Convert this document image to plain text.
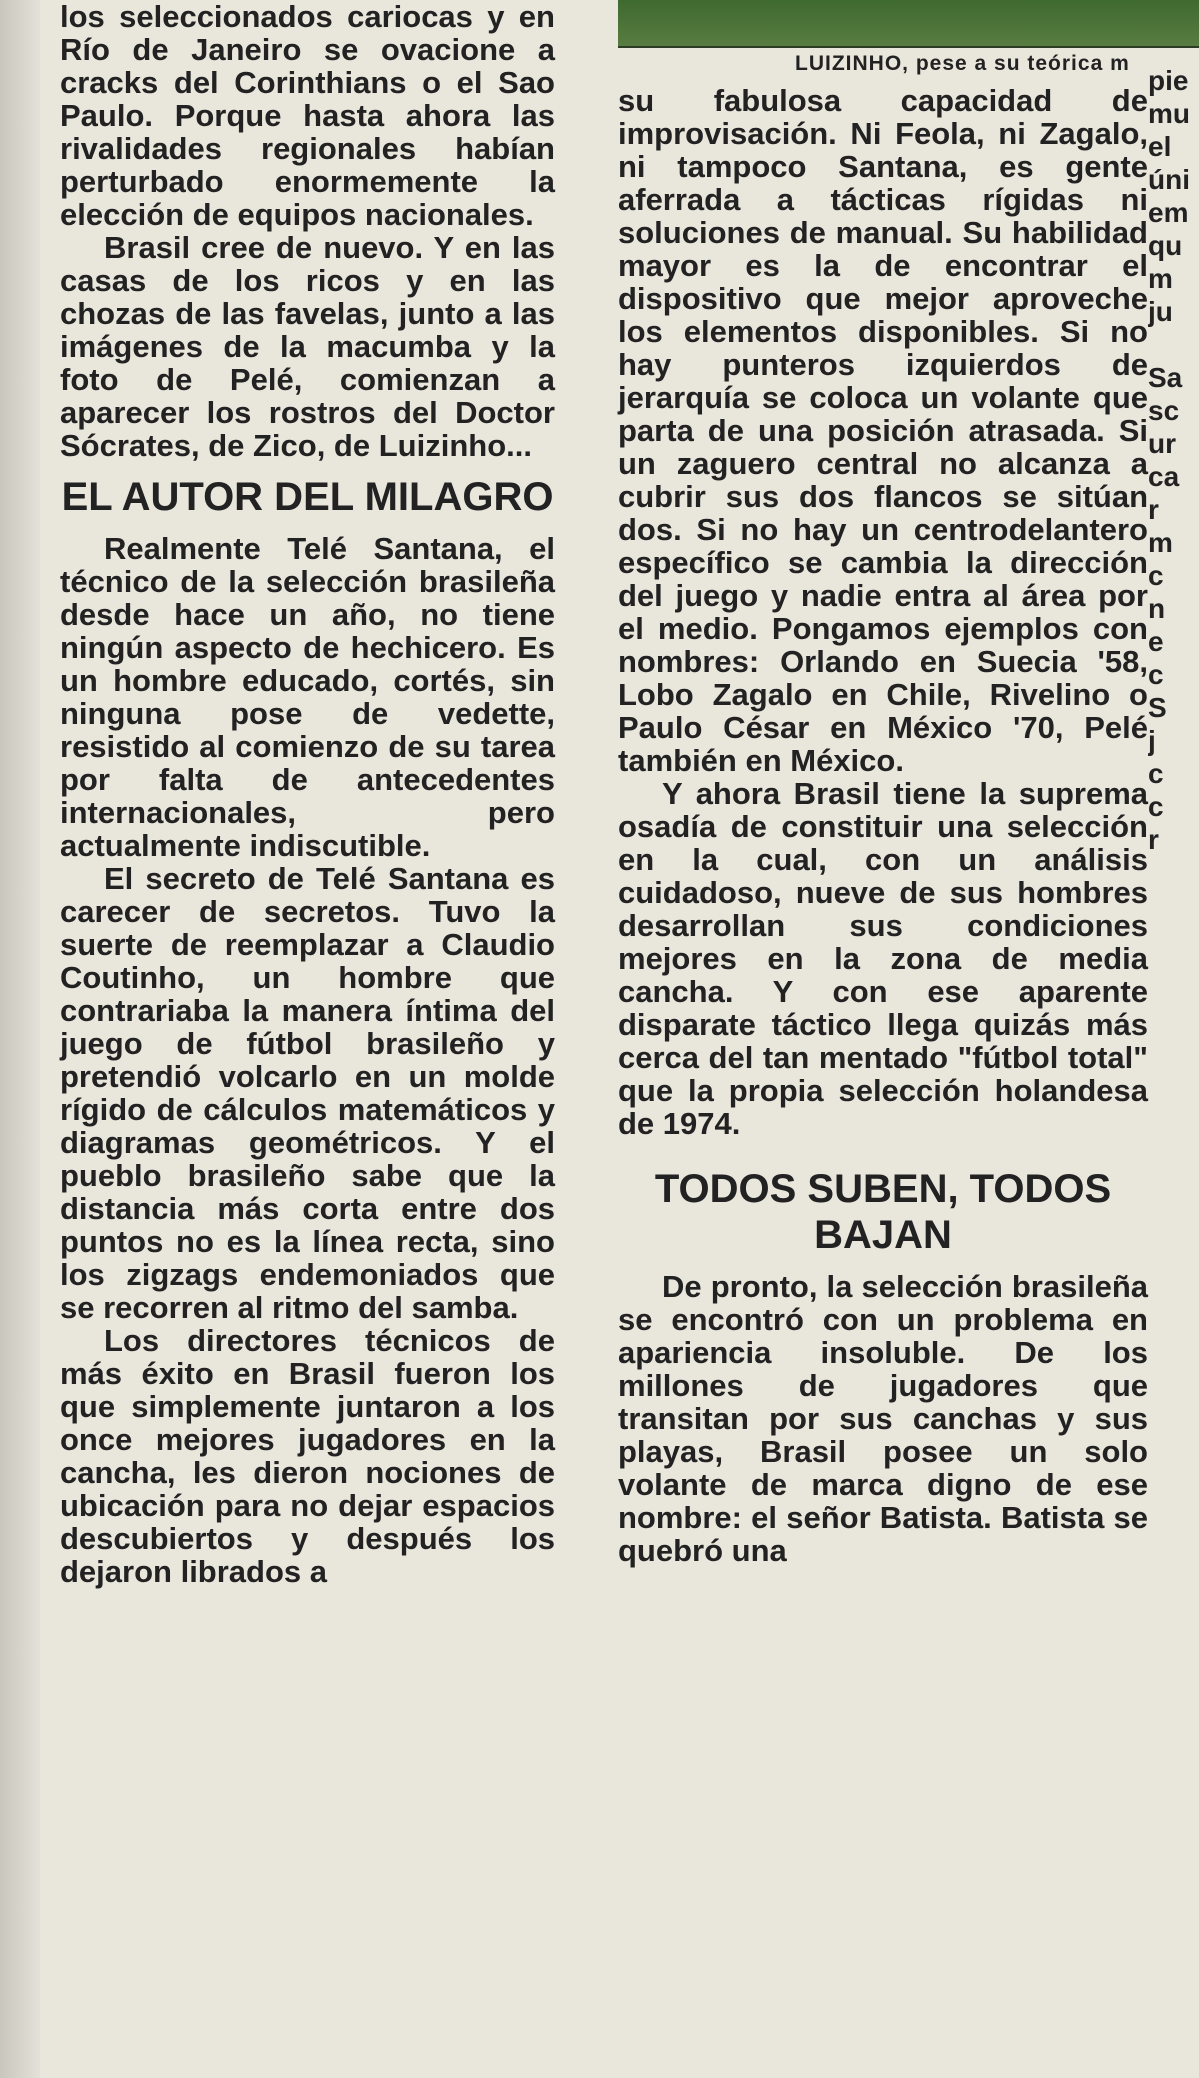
LUIZINHO, pese a su teórica m

los seleccionados cariocas y en Río de Janeiro se ovacione a cracks del Corinthians o el Sao Paulo. Porque hasta ahora las rivalidades regionales habían perturbado enormemente la elección de equipos nacionales.

Brasil cree de nuevo. Y en las casas de los ricos y en las chozas de las favelas, junto a las imágenes de la macumba y la foto de Pelé, comienzan a aparecer los rostros del Doctor Sócrates, de Zico, de Luizinho...

EL AUTOR DEL MILAGRO

Realmente Telé Santana, el técnico de la selección brasileña desde hace un año, no tiene ningún aspecto de hechicero. Es un hombre educado, cortés, sin ninguna pose de vedette, resistido al comienzo de su tarea por falta de antecedentes internacionales, pero actualmente indiscutible.

El secreto de Telé Santana es carecer de secretos. Tuvo la suerte de reemplazar a Claudio Coutinho, un hombre que contrariaba la manera íntima del juego de fútbol brasileño y pretendió volcarlo en un molde rígido de cálculos matemáticos y diagramas geométricos. Y el pueblo brasileño sabe que la distancia más corta entre dos puntos no es la línea recta, sino los zigzags endemoniados que se recorren al ritmo del samba.

Los directores técnicos de más éxito en Brasil fueron los que simplemente juntaron a los once mejores jugadores en la cancha, les dieron nociones de ubicación para no dejar espacios descubiertos y después los dejaron librados a

su fabulosa capacidad de improvisación. Ni Feola, ni Zagalo, ni tampoco Santana, es gente aferrada a tácticas rígidas ni soluciones de manual. Su habilidad mayor es la de encontrar el dispositivo que mejor aproveche los elementos disponibles. Si no hay punteros izquierdos de jerarquía se coloca un volante que parta de una posición atrasada. Si un zaguero central no alcanza a cubrir sus dos flancos se sitúan dos. Si no hay un centrodelantero específico se cambia la dirección del juego y nadie entra al área por el medio. Pongamos ejemplos con nombres: Orlando en Suecia '58, Lobo Zagalo en Chile, Rivelino o Paulo César en México '70, Pelé también en México.

Y ahora Brasil tiene la suprema osadía de constituir una selección en la cual, con un análisis cuidadoso, nueve de sus hombres desarrollan sus condiciones mejores en la zona de media cancha. Y con ese aparente disparate táctico llega quizás más cerca del tan mentado "fútbol total" que la propia selección holandesa de 1974.

TODOS SUBEN, TODOS BAJAN

De pronto, la selección brasileña se encontró con un problema en apariencia insoluble. De los millones de jugadores que transitan por sus canchas y sus playas, Brasil posee un solo volante de marca digno de ese nombre: el señor Batista. Batista se quebró una

pie
mu
el
úni
em
qu
m
ju
Sa
sc
ur
ca
r
m
c
n
e
c
S
j
c
c
r
